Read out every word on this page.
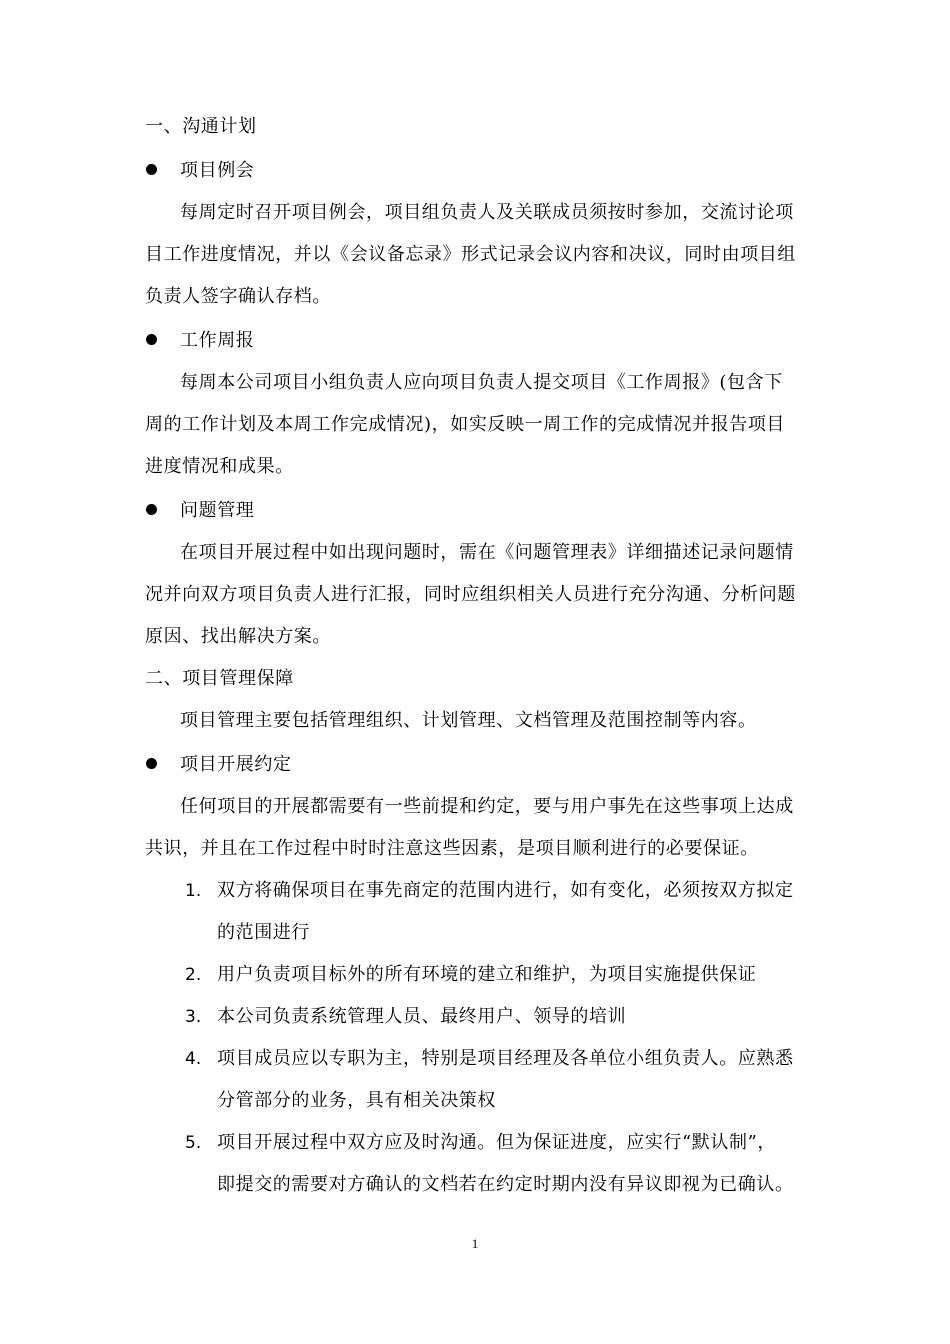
一、沟通计划
项目例会
每周定时召开项目例会，项目组负责人及关联成员须按时参加，交流讨论项
目工作进度情况，并以《会议备忘录》形式记录会议内容和决议，同时由项目组
负责人签字确认存档。
工作周报
每周本公司项目小组负责人应向项目负责人提交项目《工作周报》(包含下
周的工作计划及本周工作完成情况)，如实反映一周工作的完成情况并报告项目
进度情况和成果。
问题管理
在项目开展过程中如出现问题时，需在《问题管理表》详细描述记录问题情
况并向双方项目负责人进行汇报，同时应组织相关人员进行充分沟通、分析问题
原因、找出解决方案。
二、项目管理保障
项目管理主要包括管理组织、计划管理、文档管理及范围控制等内容。
项目开展约定
任何项目的开展都需要有一些前提和约定，要与用户事先在这些事项上达成
共识，并且在工作过程中时时注意这些因素，是项目顺利进行的必要保证。
1. 双方将确保项目在事先商定的范围内进行，如有变化，必须按双方拟定
的范围进行
2. 用户负责项目标外的所有环境的建立和维护，为项目实施提供保证
3. 本公司负责系统管理人员、最终用户、领导的培训
4. 项目成员应以专职为主，特别是项目经理及各单位小组负责人。应熟悉
分管部分的业务，具有相关决策权
5. 项目开展过程中双方应及时沟通。但为保证进度，应实行“默认制”，
即提交的需要对方确认的文档若在约定时期内没有异议即视为已确认。
1
